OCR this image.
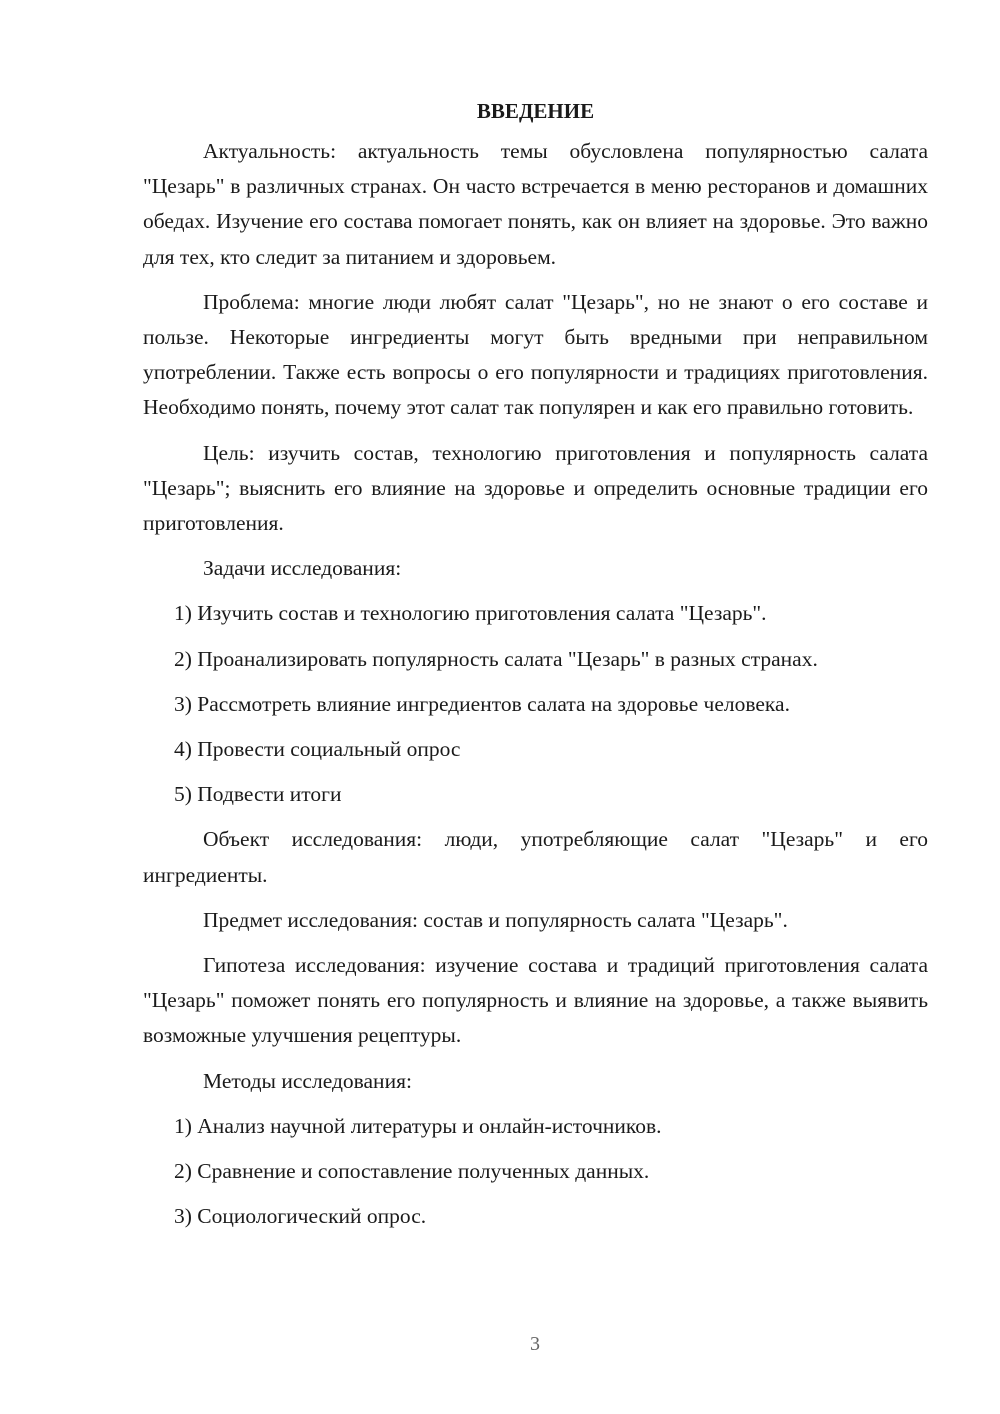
ВВЕДЕНИЕ
Актуальность: актуальность темы обусловлена популярностью салата "Цезарь" в различных странах. Он часто встречается в меню ресторанов и домашних обедах. Изучение его состава помогает понять, как он влияет на здоровье. Это важно для тех, кто следит за питанием и здоровьем.
Проблема: многие люди любят салат "Цезарь", но не знают о его составе и пользе. Некоторые ингредиенты могут быть вредными при неправильном употреблении. Также есть вопросы о его популярности и традициях приготовления. Необходимо понять, почему этот салат так популярен и как его правильно готовить.
Цель: изучить состав, технологию приготовления и популярность салата "Цезарь"; выяснить его влияние на здоровье и определить основные традиции его приготовления.
Задачи исследования:
1) Изучить состав и технологию приготовления салата "Цезарь".
2) Проанализировать популярность салата "Цезарь" в разных странах.
3) Рассмотреть влияние ингредиентов салата на здоровье человека.
4) Провести социальный опрос
5) Подвести итоги
Объект исследования: люди, употребляющие салат "Цезарь" и его ингредиенты.
Предмет исследования: состав и популярность салата "Цезарь".
Гипотеза исследования: изучение состава и традиций приготовления салата "Цезарь" поможет понять его популярность и влияние на здоровье, а также выявить возможные улучшения рецептуры.
Методы исследования:
1) Анализ научной литературы и онлайн-источников.
2) Сравнение и сопоставление полученных данных.
3) Социологический опрос.
3
